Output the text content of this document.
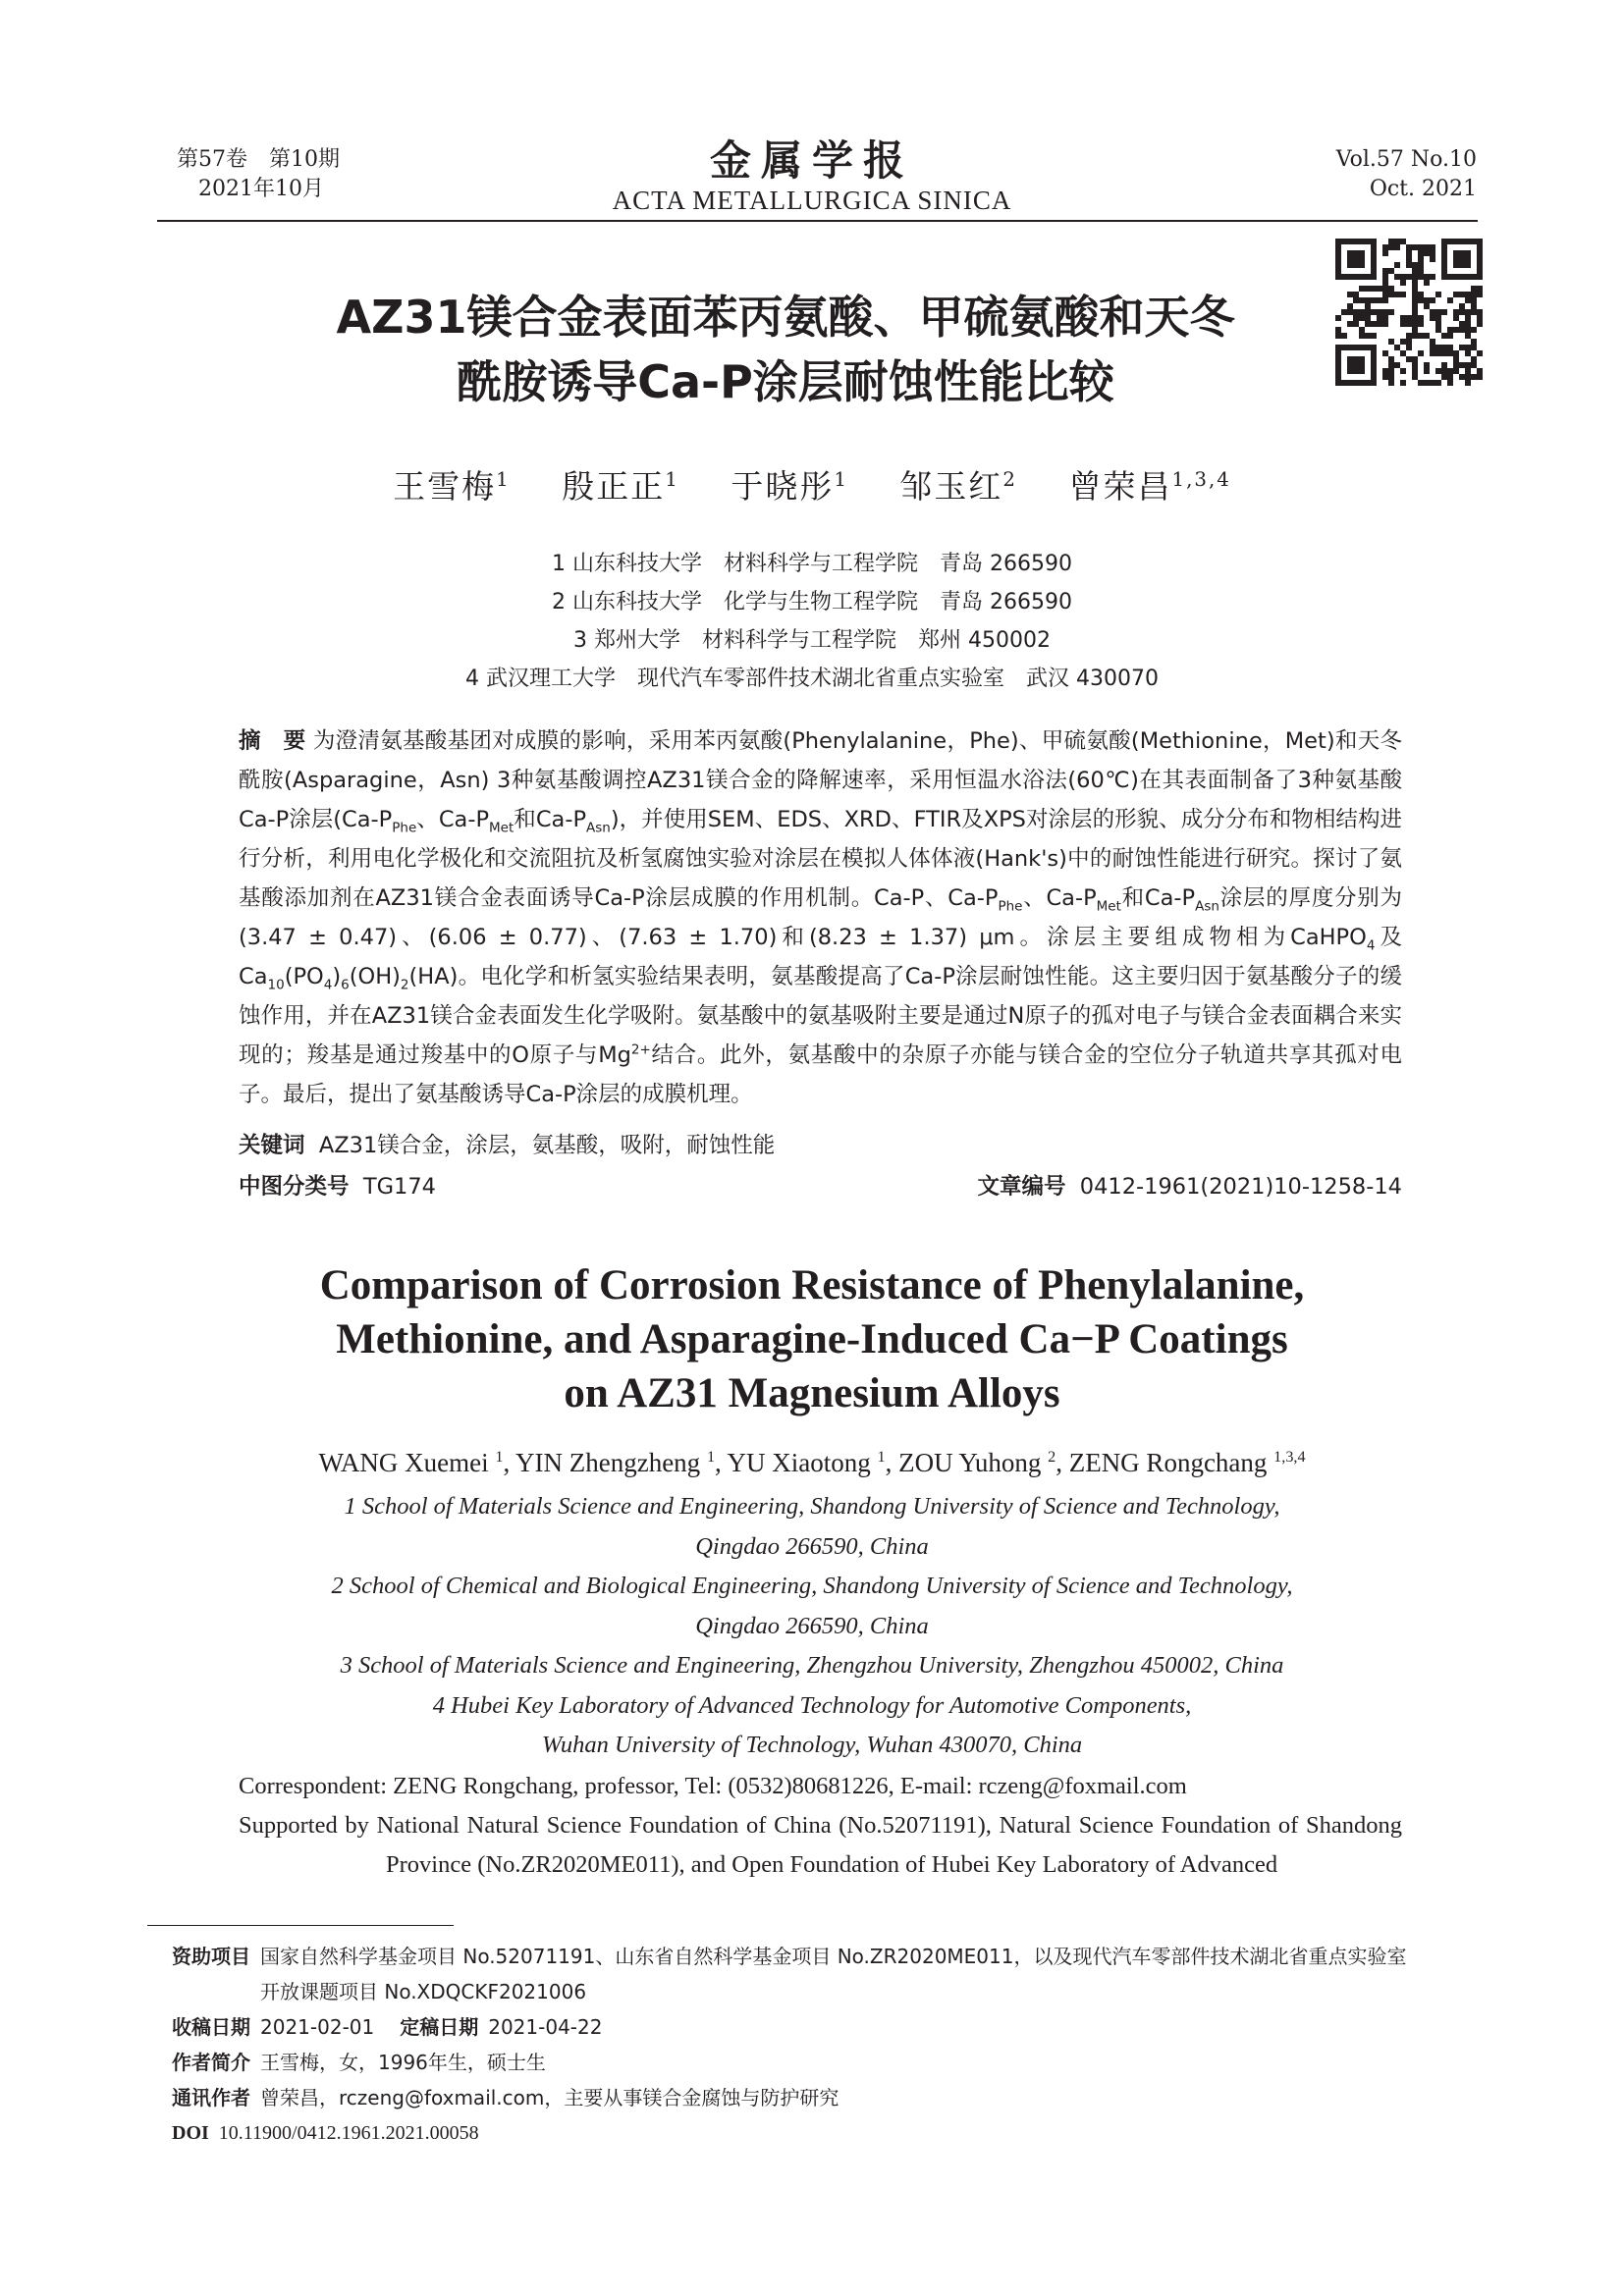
第57卷　第10期
2021年10月
金属学报
ACTA METALLURGICA SINICA
Vol.57 No.10
Oct. 2021
AZ31镁合金表面苯丙氨酸、甲硫氨酸和天冬
酰胺诱导Ca-P涂层耐蚀性能比较
王雪梅$^1$ 殷正正$^1$ 于晓彤$^1$ 邹玉红$^2$ 曾荣昌$^{1,3,4}$
1 山东科技大学　材料科学与工程学院　青岛 266590
2 山东科技大学　化学与生物工程学院　青岛 266590
3 郑州大学　材料科学与工程学院　郑州 450002
4 武汉理工大学　现代汽车零部件技术湖北省重点实验室　武汉 430070
摘　要 为澄清氨基酸基团对成膜的影响，采用苯丙氨酸(Phenylalanine，Phe)、甲硫氨酸(Methionine，Met)和天冬酰胺(Asparagine，Asn) 3种氨基酸调控AZ31镁合金的降解速率，采用恒温水浴法(60℃)在其表面制备了3种氨基酸Ca-P涂层($Ca-P_{Phe}$、$Ca-P_{Met}$和$Ca-P_{Asn}$)，并使用SEM、EDS、XRD、FTIR及XPS对涂层的形貌、成分分布和物相结构进行分析，利用电化学极化和交流阻抗及析氢腐蚀实验对涂层在模拟人体体液(Hank's)中的耐蚀性能进行研究。探讨了氨基酸添加剂在AZ31镁合金表面诱导Ca-P涂层成膜的作用机制。Ca-P、$Ca-P_{Phe}$、$Ca-P_{Met}$和$Ca-P_{Asn}$涂层的厚度分别为(3.47 ± 0.47)、(6.06 ± 0.77)、(7.63 ± 1.70)和(8.23 ± 1.37) μm。涂层主要组成物相为CaHPO$_4$及$Ca_{10}(PO_4)_6(OH)_2(HA)$。电化学和析氢实验结果表明，氨基酸提高了Ca-P涂层耐蚀性能。这主要归因于氨基酸分子的缓蚀作用，并在AZ31镁合金表面发生化学吸附。氨基酸中的氨基吸附主要是通过N原子的孤对电子与镁合金表面耦合来实现的；羧基是通过羧基中的O原子与$Mg^{2+}$结合。此外，氨基酸中的杂原子亦能与镁合金的空位分子轨道共享其孤对电子。最后，提出了氨基酸诱导Ca-P涂层的成膜机理。
关键词 AZ31镁合金，涂层，氨基酸，吸附，耐蚀性能
中图分类号 TG174	文章编号 0412-1961(2021)10-1258-14
Comparison of Corrosion Resistance of Phenylalanine,
Methionine, and Asparagine-Induced Ca−P Coatings
on AZ31 Magnesium Alloys
WANG Xuemei $^1$, YIN Zhengzheng $^1$, YU Xiaotong $^1$, ZOU Yuhong $^2$, ZENG Rongchang $^{1,3,4}$
1 School of Materials Science and Engineering, Shandong University of Science and Technology,
Qingdao 266590, China
2 School of Chemical and Biological Engineering, Shandong University of Science and Technology,
Qingdao 266590, China
3 School of Materials Science and Engineering, Zhengzhou University, Zhengzhou 450002, China
4 Hubei Key Laboratory of Advanced Technology for Automotive Components,
Wuhan University of Technology, Wuhan 430070, China
Correspondent: ZENG Rongchang, professor, Tel: (0532)80681226, E-mail: rczeng@foxmail.com
Supported by National Natural Science Foundation of China (No.52071191), Natural Science Foundation of Shandong Province (No.ZR2020ME011), and Open Foundation of Hubei Key Laboratory of Advanced
资助项目 国家自然科学基金项目 No.52071191、山东省自然科学基金项目 No.ZR2020ME011，以及现代汽车零部件技术湖北省重点实验室开放课题项目 No.XDQCKF2021006
收稿日期 2021-02-01　 定稿日期 2021-04-22
作者简介 王雪梅，女，1996年生，硕士生
通讯作者 曾荣昌，rczeng@foxmail.com，主要从事镁合金腐蚀与防护研究
DOI 10.11900/0412.1961.2021.00058
